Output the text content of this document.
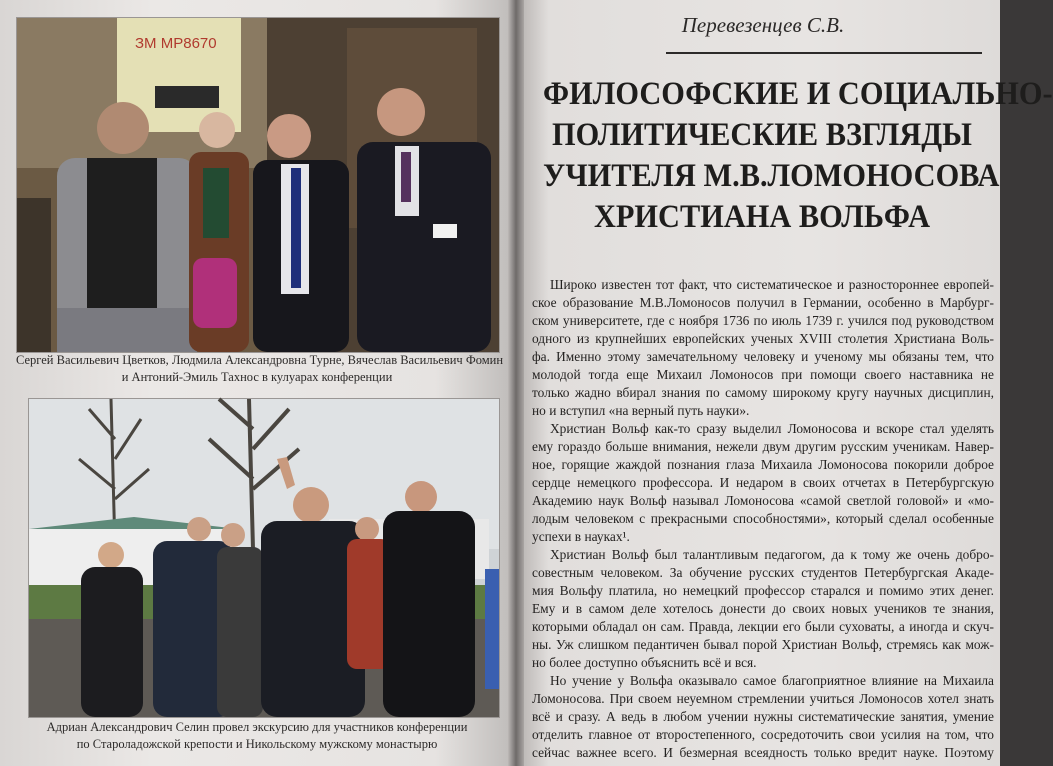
ЗМ МР8670
Сергей Васильевич Цветков, Людмила Александровна Турне, Вячеслав Васильевич Фомин
и Антоний-Эмиль Тахнос в кулуарах конференции
Адриан Александрович Селин провел экскурсию для участников конференции
по Староладожской крепости и Никольскому мужскому монастырю
Перевезенцев С.В.
ФИЛОСОФСКИЕ И СОЦИАЛЬНО-
ПОЛИТИЧЕСКИЕ ВЗГЛЯДЫ
УЧИТЕЛЯ М.В.ЛОМОНОСОВА
ХРИСТИАНА ВОЛЬФА
Широко известен тот факт, что систематическое и разностороннее европей-
ское образование М.В.Ломоносов получил в Германии, особенно в Марбург-
ском университете, где с ноября 1736 по июль 1739 г. учился под руководством
одного из крупнейших европейских ученых XVIII столетия Христиана Воль-
фа. Именно этому замечательному человеку и ученому мы обязаны тем, что
молодой тогда еще Михаил Ломоносов при помощи своего наставника не
только жадно вбирал знания по самому широкому кругу научных дисциплин,
но и вступил «на верный путь науки».
Христиан Вольф как-то сразу выделил Ломоносова и вскоре стал уделять
ему гораздо больше внимания, нежели двум другим русским ученикам. Навер-
ное, горящие жаждой познания глаза Михаила Ломоносова покорили доброе
сердце немецкого профессора. И недаром в своих отчетах в Петербургскую
Академию наук Вольф называл Ломоносова «самой светлой головой» и «мо-
лодым человеком с прекрасными способностями», который сделал особенные
успехи в науках¹.
Христиан Вольф был талантливым педагогом, да к тому же очень добро-
совестным человеком. За обучение русских студентов Петербургская Акаде-
мия Вольфу платила, но немецкий профессор старался и помимо этих денег.
Ему и в самом деле хотелось донести до своих новых учеников те знания,
которыми обладал он сам. Правда, лекции его были суховаты, а иногда и скуч-
ны. Уж слишком педантичен бывал порой Христиан Вольф, стремясь как мож-
но более доступно объяснить всё и вся.
Но учение у Вольфа оказывало самое благоприятное влияние на Михаила
Ломоносова. При своем неуемном стремлении учиться Ломоносов хотел знать
всё и сразу. А ведь в любом учении нужны систематические занятия, умение
отделить главное от второстепенного, сосредоточить свои усилия на том, что
сейчас важнее всего. И безмерная всеядность только вредит науке. Поэтому
